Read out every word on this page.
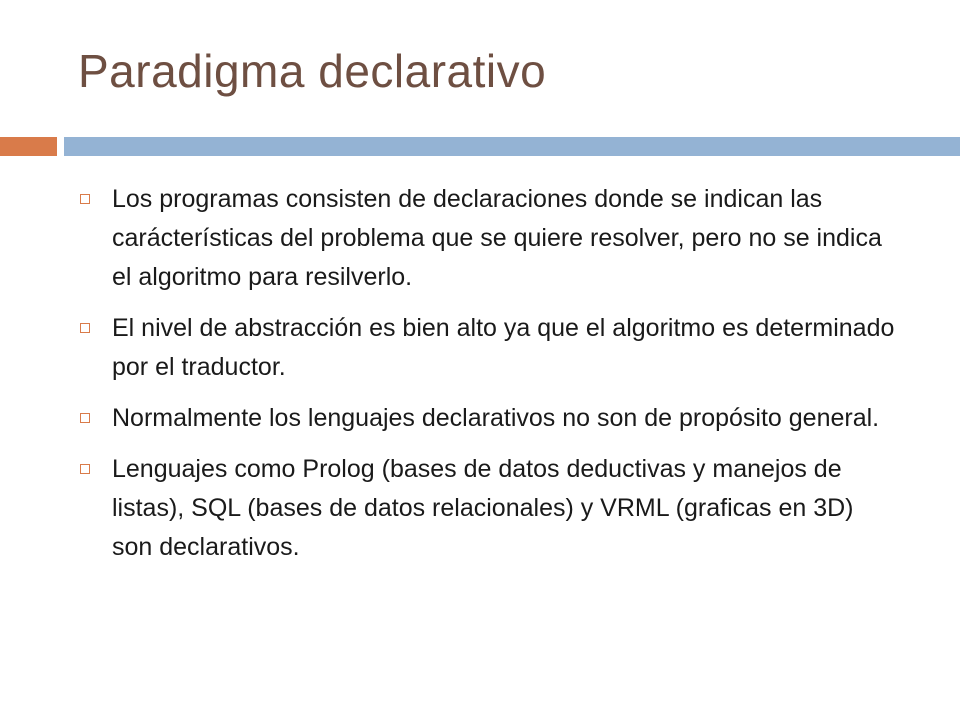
Paradigma declarativo
Los programas consisten de declaraciones donde se indican las carácterísticas del problema que se quiere resolver, pero no se indica el algoritmo para resilverlo.
El nivel de abstracción es bien alto ya que el algoritmo es determinado por el traductor.
Normalmente los lenguajes declarativos no son de propósito general.
Lenguajes como Prolog (bases de datos deductivas y manejos de listas), SQL (bases de datos relacionales) y VRML (graficas en 3D) son declarativos.
